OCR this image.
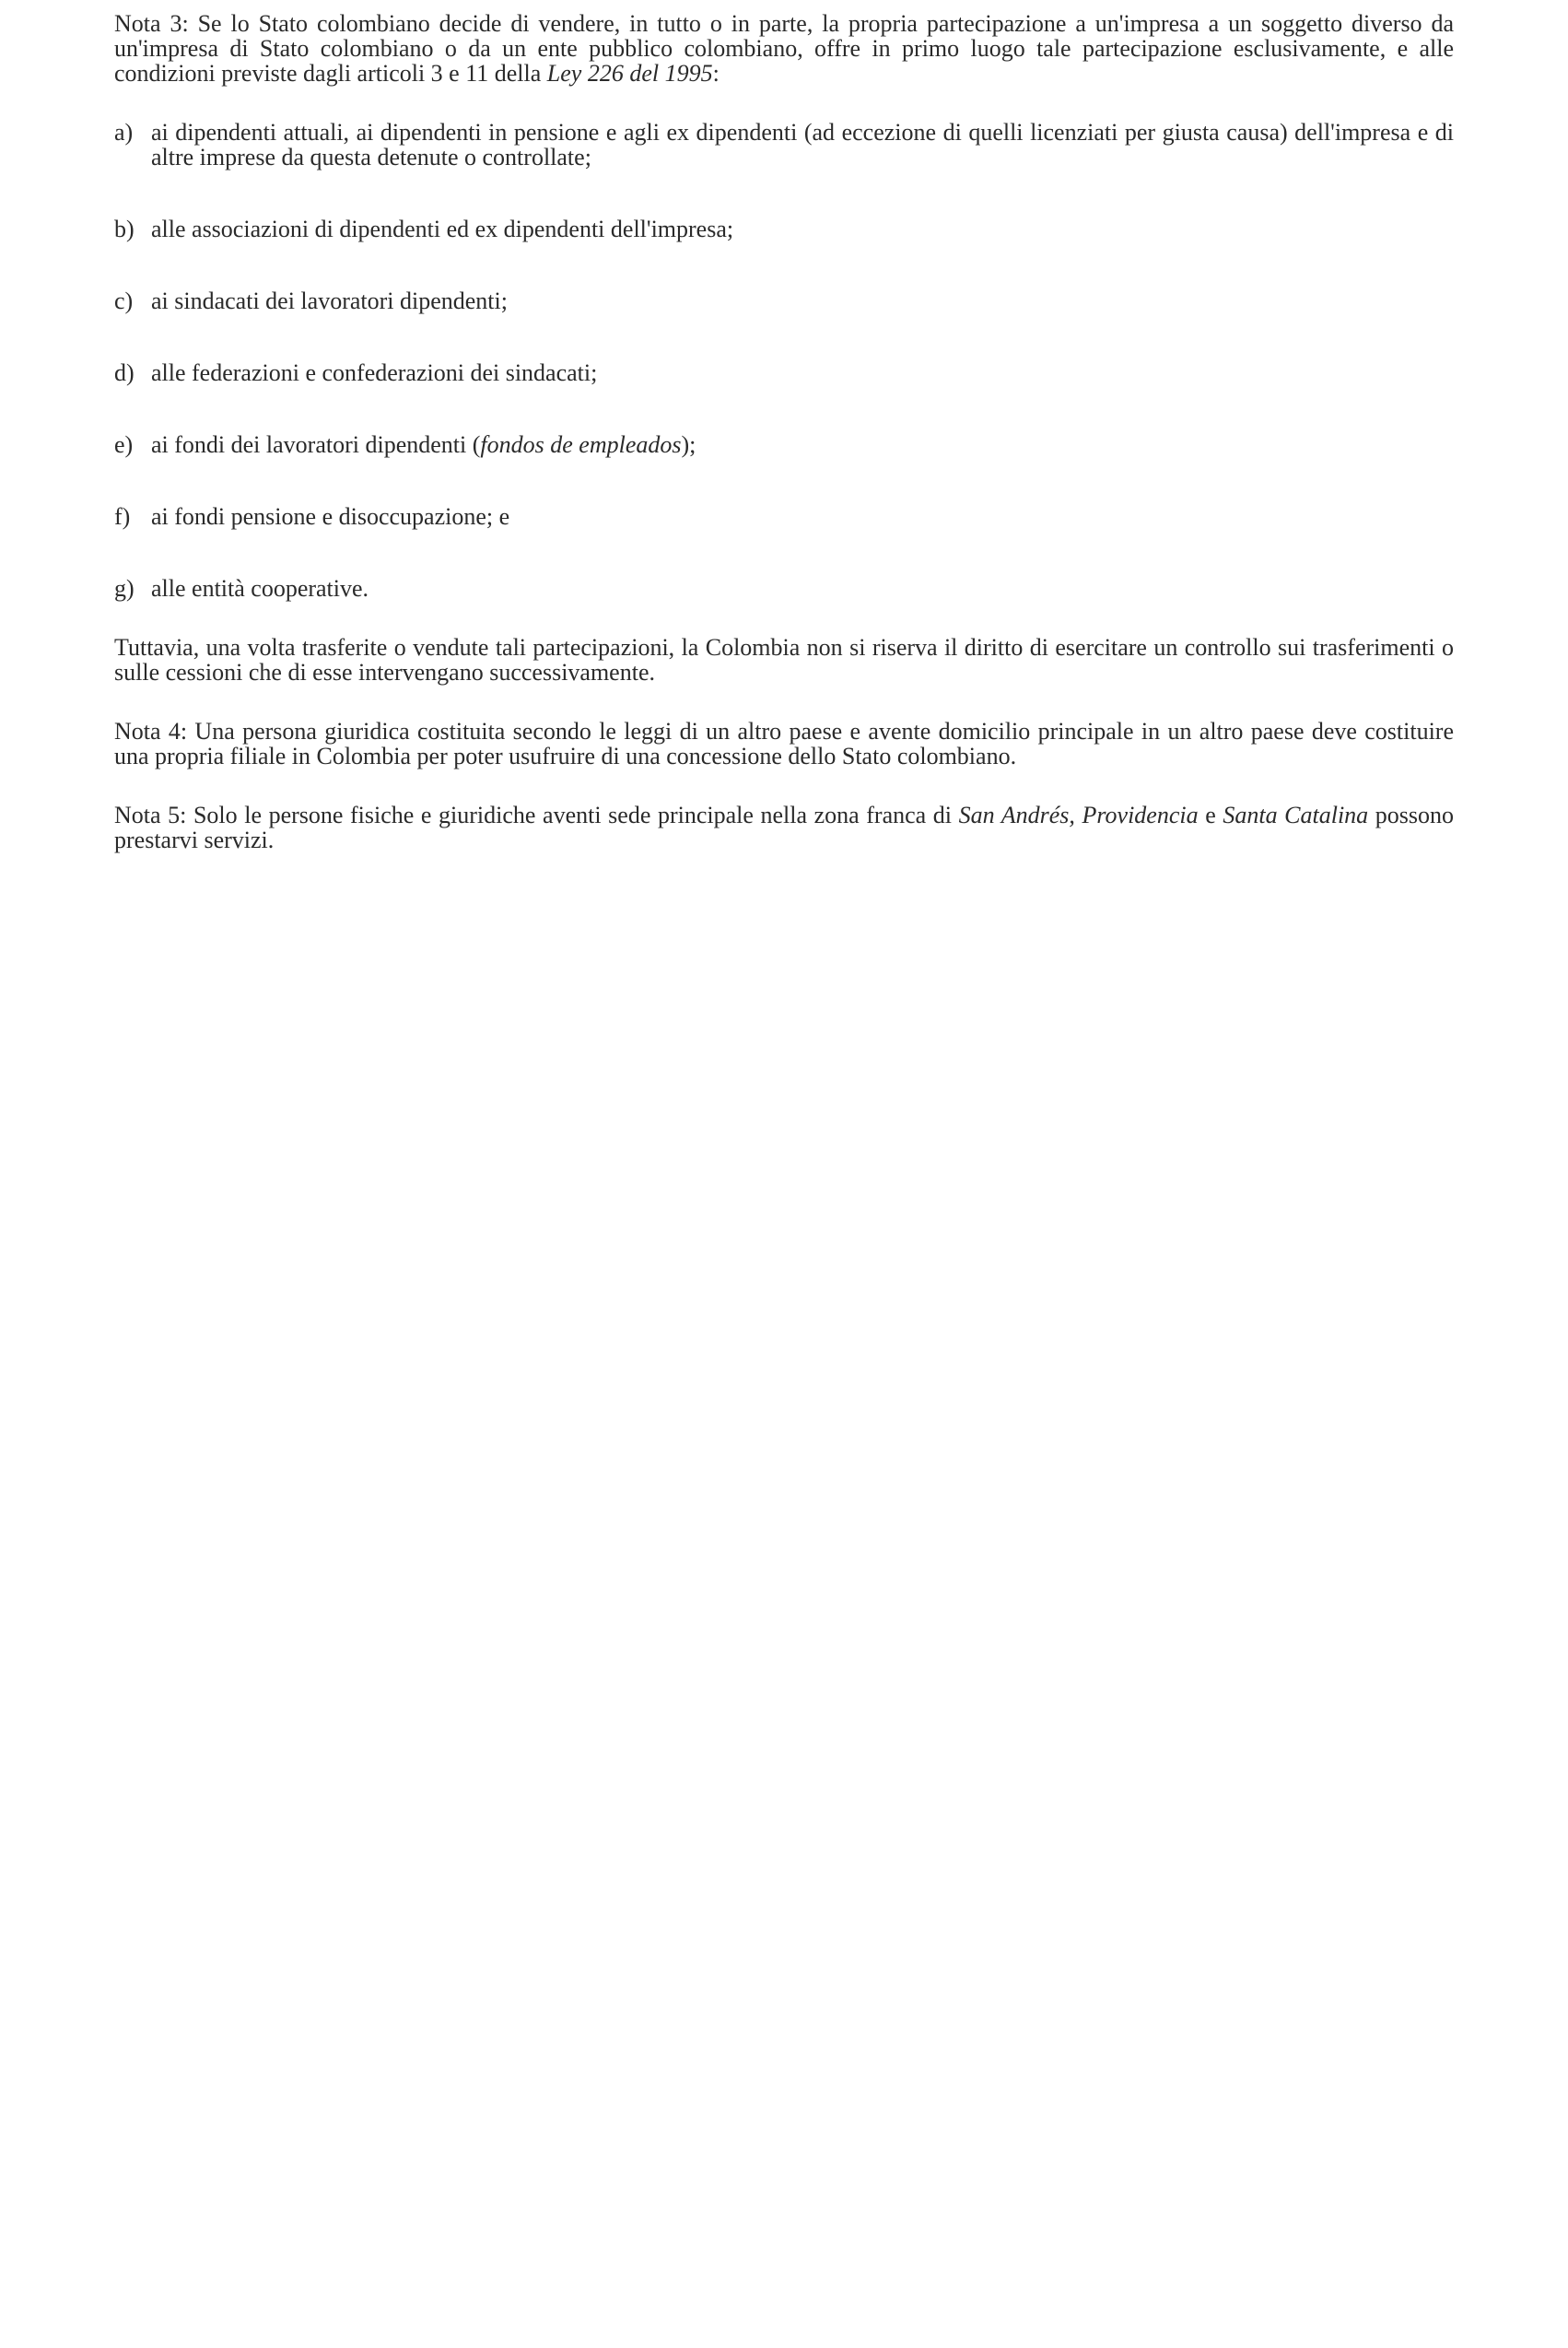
Nota 3: Se lo Stato colombiano decide di vendere, in tutto o in parte, la propria partecipazione a un'impresa a un soggetto diverso da un'impresa di Stato colombiano o da un ente pubblico colombiano, offre in primo luogo tale partecipazione esclusivamente, e alle condizioni previste dagli articoli 3 e 11 della Ley 226 del 1995:

a) ai dipendenti attuali, ai dipendenti in pensione e agli ex dipendenti (ad eccezione di quelli licenziati per giusta causa) dell'impresa e di altre imprese da questa detenute o controllate;
b) alle associazioni di dipendenti ed ex dipendenti dell'impresa;
c) ai sindacati dei lavoratori dipendenti;
d) alle federazioni e confederazioni dei sindacati;
e) ai fondi dei lavoratori dipendenti (fondos de empleados);
f) ai fondi pensione e disoccupazione; e
g) alle entità cooperative.

Tuttavia, una volta trasferite o vendute tali partecipazioni, la Colombia non si riserva il diritto di esercitare un controllo sui trasferimenti o sulle cessioni che di esse intervengano successivamente.

Nota 4: Una persona giuridica costituita secondo le leggi di un altro paese e avente domicilio principale in un altro paese deve costituire una propria filiale in Colombia per poter usufruire di una concessione dello Stato colombiano.

Nota 5: Solo le persone fisiche e giuridiche aventi sede principale nella zona franca di San Andrés, Providencia e Santa Catalina possono prestarvi servizi.
